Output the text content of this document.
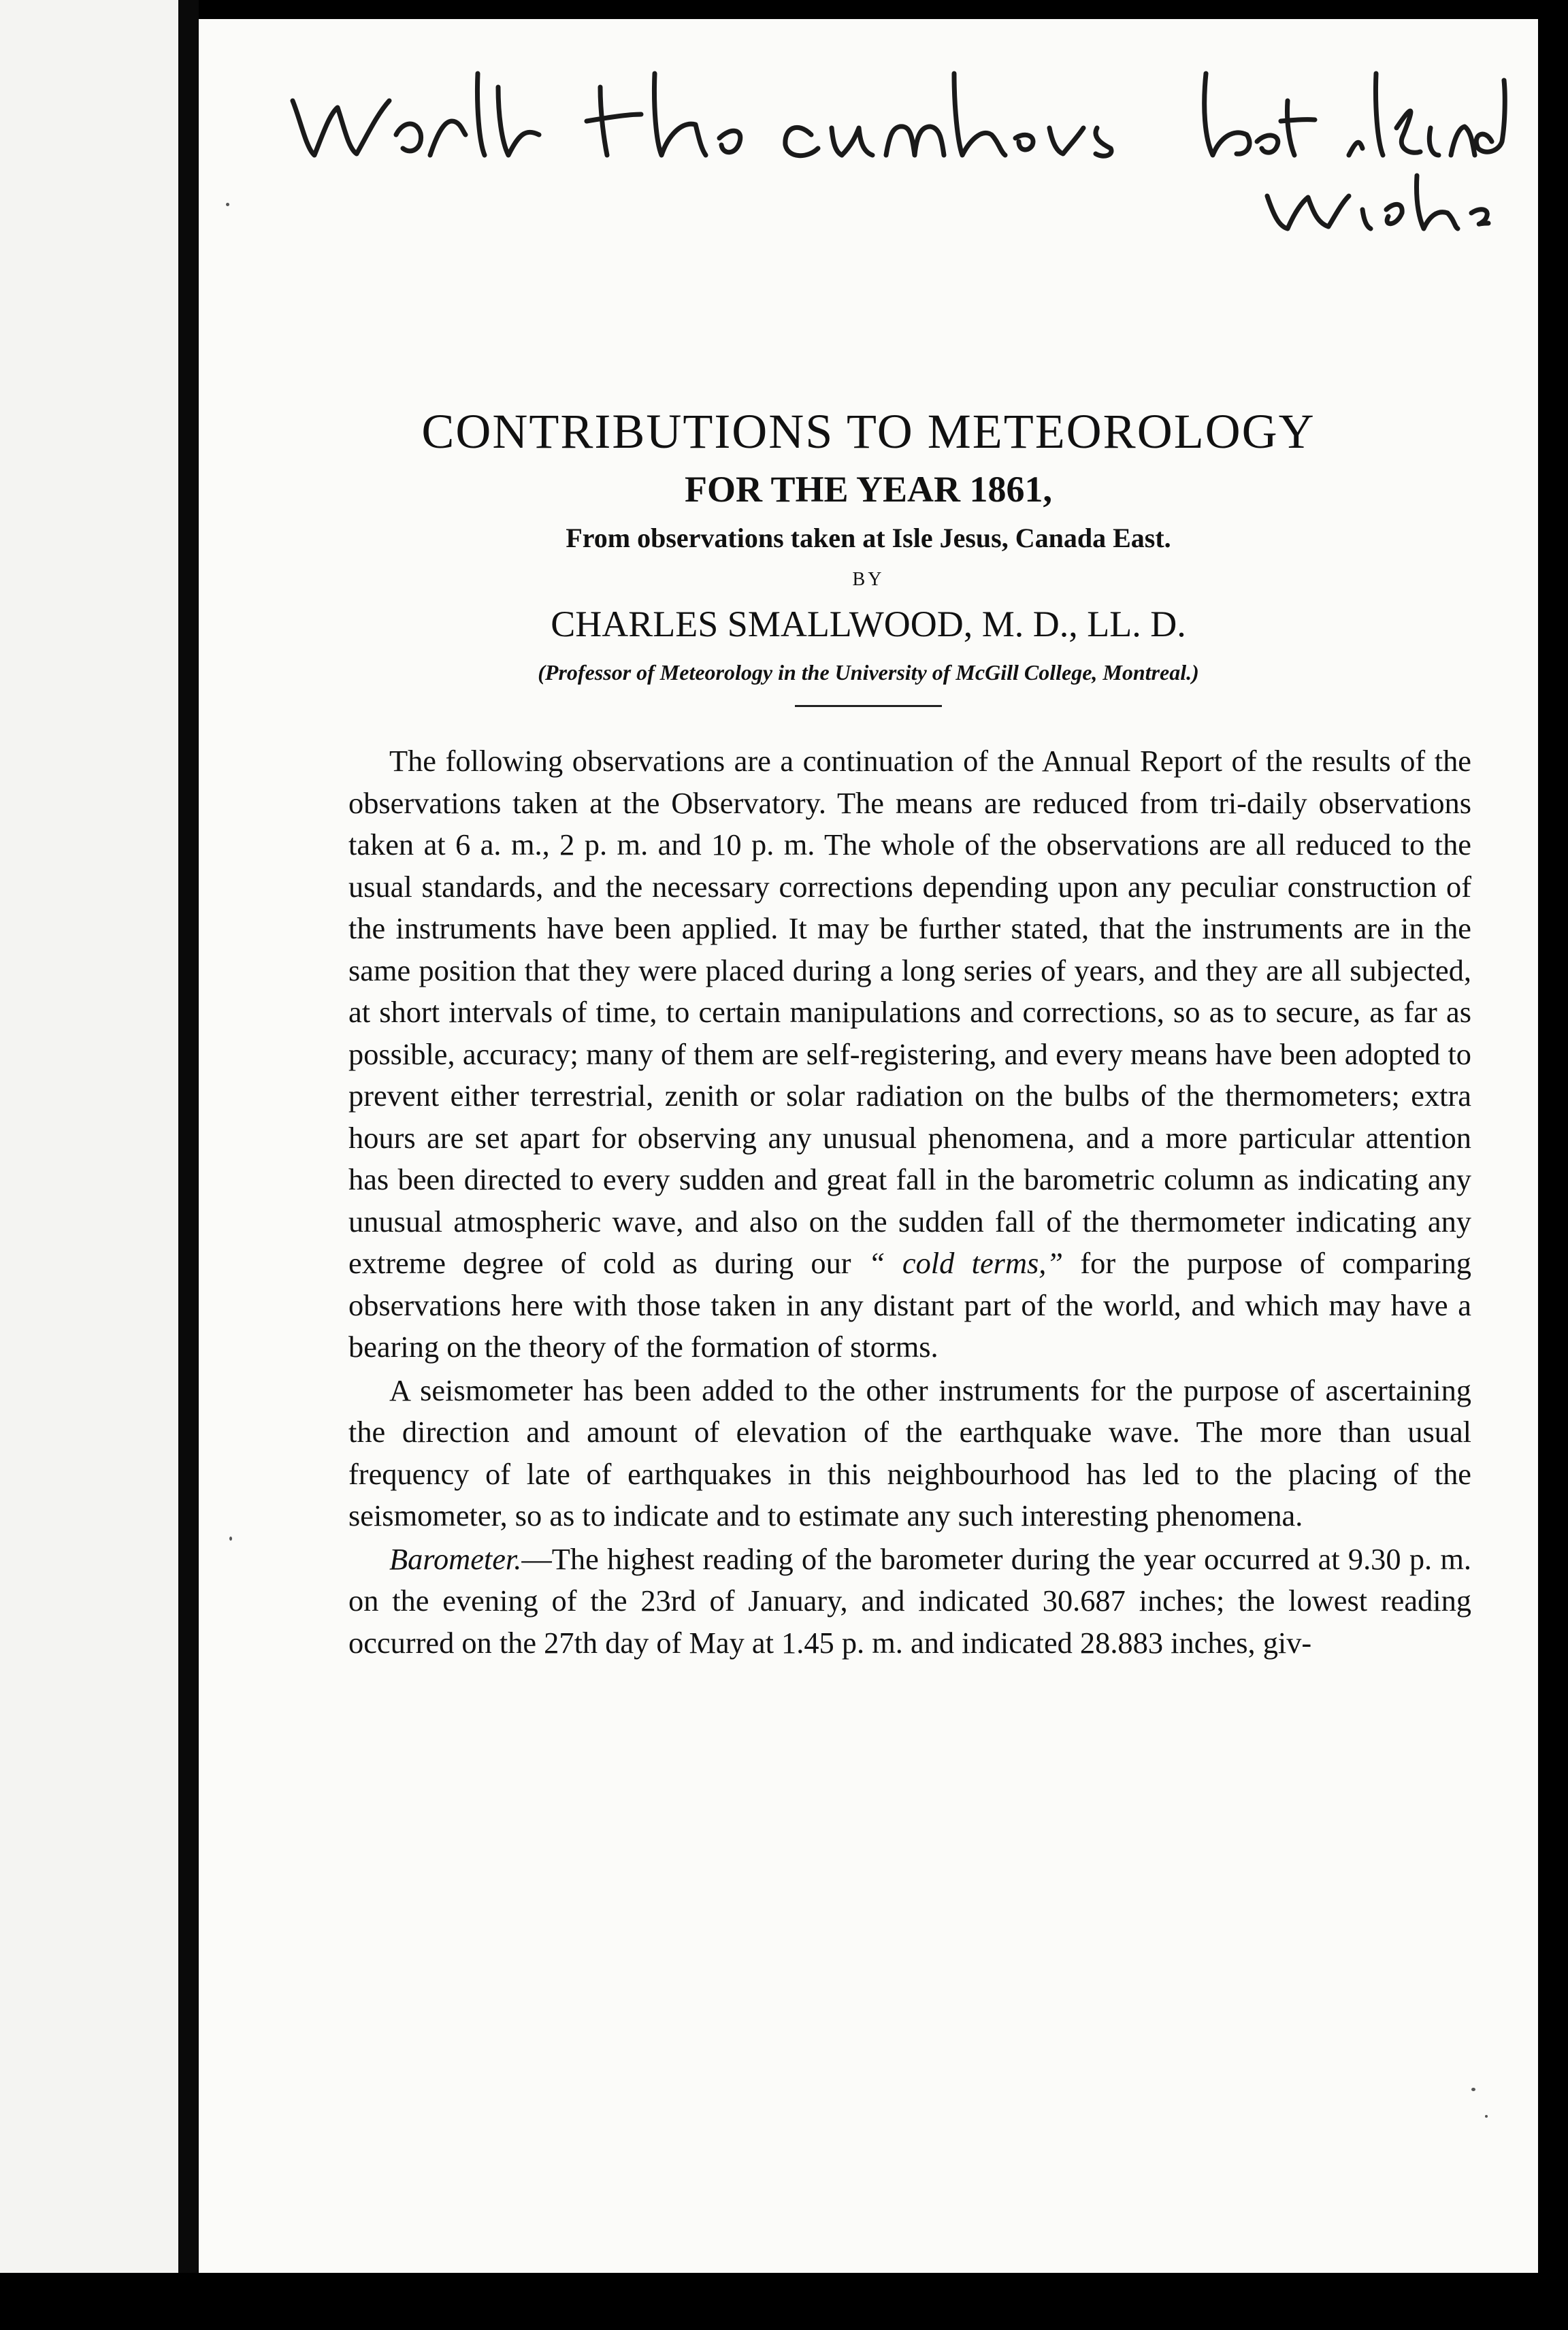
CONTRIBUTIONS TO METEOROLOGY
FOR THE YEAR 1861,
From observations taken at Isle Jesus, Canada East.
BY
CHARLES SMALLWOOD, M. D., LL. D.
(Professor of Meteorology in the University of McGill College, Montreal.)

The following observations are a continuation of the Annual Report of the results of the observations taken at the Observatory. The means are reduced from tri-daily observations taken at 6 a. m., 2 p. m. and 10 p. m. The whole of the observations are all reduced to the usual standards, and the necessary corrections depending upon any peculiar construction of the instruments have been applied. It may be further stated, that the instruments are in the same position that they were placed during a long series of years, and they are all subjected, at short intervals of time, to certain manipulations and corrections, so as to secure, as far as possible, accuracy; many of them are self-registering, and every means have been adopted to prevent either terrestrial, zenith or solar radiation on the bulbs of the thermometers; extra hours are set apart for observing any unusual phenomena, and a more particular attention has been directed to every sudden and great fall in the barometric column as indicating any unusual atmospheric wave, and also on the sudden fall of the thermometer indicating any extreme degree of cold as during our “ cold terms,” for the purpose of comparing observations here with those taken in any distant part of the world, and which may have a bearing on the theory of the formation of storms.

A seismometer has been added to the other instruments for the purpose of ascertaining the direction and amount of elevation of the earthquake wave. The more than usual frequency of late of earthquakes in this neighbourhood has led to the placing of the seismometer, so as to indicate and to estimate any such interesting phenomena.

Barometer.—The highest reading of the barometer during the year occurred at 9.30 p. m. on the evening of the 23rd of January, and indicated 30.687 inches; the lowest reading occurred on the 27th day of May at 1.45 p. m. and indicated 28.883 inches, giv-
